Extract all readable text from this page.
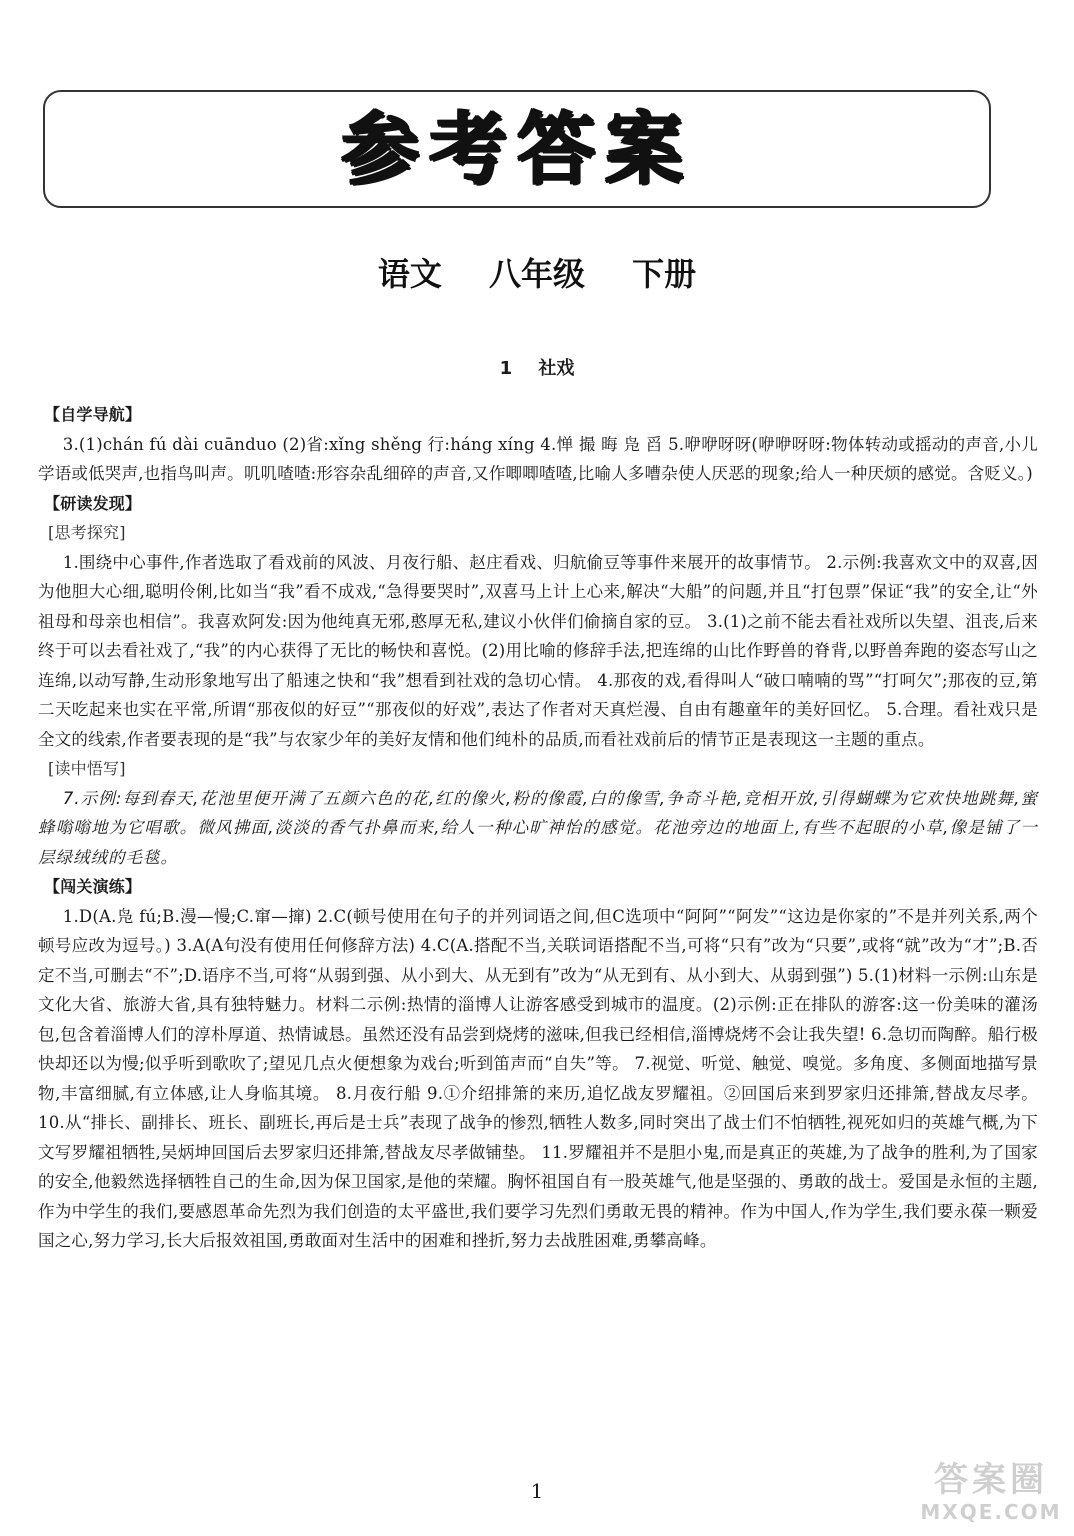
参考答案
语文 八年级 下册
1 社戏

【自学导航】

3.(1)chán fú dài cuānduo (2)省:xǐng shěng 行:háng xíng 4.惮 撮 晦 凫 舀 5.咿咿呀呀(咿咿呀呀:物体转动或摇动的声音,小儿学语或低哭声,也指鸟叫声。叽叽喳喳:形容杂乱细碎的声音,又作唧唧喳喳,比喻人多嘈杂使人厌恶的现象;给人一种厌烦的感觉。含贬义。)

【研读发现】

[思考探究]

1.围绕中心事件,作者选取了看戏前的风波、月夜行船、赵庄看戏、归航偷豆等事件来展开的故事情节。 2.示例:我喜欢文中的双喜,因为他胆大心细,聪明伶俐,比如当“我”看不成戏,“急得要哭时”,双喜马上计上心来,解决“大船”的问题,并且“打包票”保证“我”的安全,让“外祖母和母亲也相信”。我喜欢阿发:因为他纯真无邪,憨厚无私,建议小伙伴们偷摘自家的豆。 3.(1)之前不能去看社戏所以失望、沮丧,后来终于可以去看社戏了,“我”的内心获得了无比的畅快和喜悦。(2)用比喻的修辞手法,把连绵的山比作野兽的脊背,以野兽奔跑的姿态写山之连绵,以动写静,生动形象地写出了船速之快和“我”想看到社戏的急切心情。 4.那夜的戏,看得叫人“破口喃喃的骂”“打呵欠”;那夜的豆,第二天吃起来也实在平常,所谓“那夜似的好豆”“那夜似的好戏”,表达了作者对天真烂漫、自由有趣童年的美好回忆。 5.合理。看社戏只是全文的线索,作者要表现的是“我”与农家少年的美好友情和他们纯朴的品质,而看社戏前后的情节正是表现这一主题的重点。

[读中悟写]

7.示例:每到春天,花池里便开满了五颜六色的花,红的像火,粉的像霞,白的像雪,争奇斗艳,竞相开放,引得蝴蝶为它欢快地跳舞,蜜蜂嗡嗡地为它唱歌。微风拂面,淡淡的香气扑鼻而来,给人一种心旷神怡的感觉。花池旁边的地面上,有些不起眼的小草,像是铺了一层绿绒绒的毛毯。

【闯关演练】

1.D(A.凫 fú;B.漫—慢;C.窜—撺) 2.C(顿号使用在句子的并列词语之间,但C选项中“阿阿”“阿发”“这边是你家的”不是并列关系,两个顿号应改为逗号。) 3.A(A句没有使用任何修辞方法) 4.C(A.搭配不当,关联词语搭配不当,可将“只有”改为“只要”,或将“就”改为“才”;B.否定不当,可删去“不”;D.语序不当,可将“从弱到强、从小到大、从无到有”改为“从无到有、从小到大、从弱到强”) 5.(1)材料一示例:山东是文化大省、旅游大省,具有独特魅力。材料二示例:热情的淄博人让游客感受到城市的温度。(2)示例:正在排队的游客:这一份美味的灌汤包,包含着淄博人们的淳朴厚道、热情诚恳。虽然还没有品尝到烧烤的滋味,但我已经相信,淄博烧烤不会让我失望! 6.急切而陶醉。船行极快却还以为慢;似乎听到歌吹了;望见几点火便想象为戏台;听到笛声而“自失”等。 7.视觉、听觉、触觉、嗅觉。多角度、多侧面地描写景物,丰富细腻,有立体感,让人身临其境。 8.月夜行船 9.①介绍排箫的来历,追忆战友罗耀祖。②回国后来到罗家归还排箫,替战友尽孝。 10.从“排长、副排长、班长、副班长,再后是士兵”表现了战争的惨烈,牺牲人数多,同时突出了战士们不怕牺牲,视死如归的英雄气概,为下文写罗耀祖牺牲,吴炳坤回国后去罗家归还排箫,替战友尽孝做铺垫。 11.罗耀祖并不是胆小鬼,而是真正的英雄,为了战争的胜利,为了国家的安全,他毅然选择牺牲自己的生命,因为保卫国家,是他的荣耀。胸怀祖国自有一股英雄气,他是坚强的、勇敢的战士。爱国是永恒的主题,作为中学生的我们,要感恩革命先烈为我们创造的太平盛世,我们要学习先烈们勇敢无畏的精神。作为中国人,作为学生,我们要永葆一颗爱国之心,努力学习,长大后报效祖国,勇敢面对生活中的困难和挫折,努力去战胜困难,勇攀高峰。

1	答案圈
MXQE.COM
